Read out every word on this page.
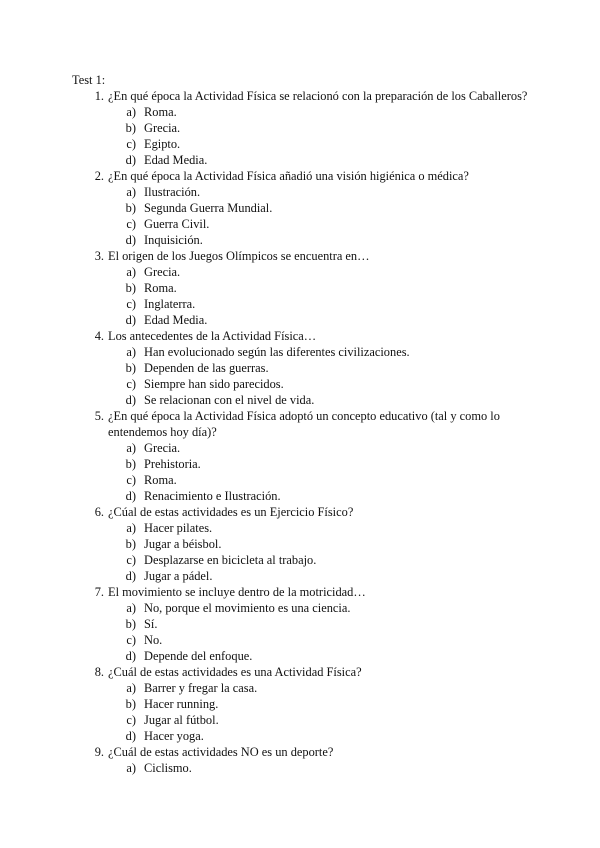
Test 1:
1. ¿En qué época la Actividad Física se relacionó con la preparación de los Caballeros?
a) Roma.
b) Grecia.
c) Egipto.
d) Edad Media.
2. ¿En qué época la Actividad Física añadió una visión higiénica o médica?
a) Ilustración.
b) Segunda Guerra Mundial.
c) Guerra Civil.
d) Inquisición.
3. El origen de los Juegos Olímpicos se encuentra en…
a) Grecia.
b) Roma.
c) Inglaterra.
d) Edad Media.
4. Los antecedentes de la Actividad Física…
a) Han evolucionado según las diferentes civilizaciones.
b) Dependen de las guerras.
c) Siempre han sido parecidos.
d) Se relacionan con el nivel de vida.
5. ¿En qué época la Actividad Física adoptó un concepto educativo (tal y como lo entendemos hoy día)?
a) Grecia.
b) Prehistoria.
c) Roma.
d) Renacimiento e Ilustración.
6. ¿Cúal de estas actividades es un Ejercicio Físico?
a) Hacer pilates.
b) Jugar a béisbol.
c) Desplazarse en bicicleta al trabajo.
d) Jugar a pádel.
7. El movimiento se incluye dentro de la motricidad…
a) No, porque el movimiento es una ciencia.
b) Sí.
c) No.
d) Depende del enfoque.
8. ¿Cuál de estas actividades es una Actividad Física?
a) Barrer y fregar la casa.
b) Hacer running.
c) Jugar al fútbol.
d) Hacer yoga.
9. ¿Cuál de estas actividades NO es un deporte?
a) Ciclismo.
